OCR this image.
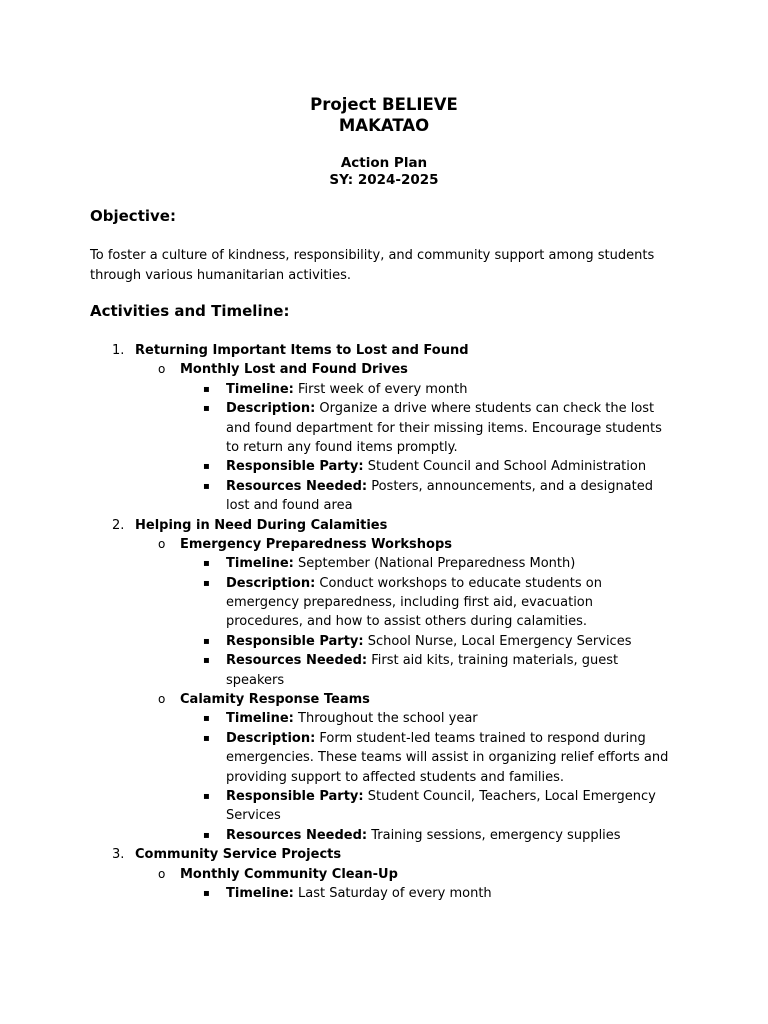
Project BELIEVE
MAKATAO
Action Plan
SY: 2024-2025
Objective:
To foster a culture of kindness, responsibility, and community support among students
through various humanitarian activities.
Activities and Timeline:
1. Returning Important Items to Lost and Found
o Monthly Lost and Found Drives
▪ Timeline: First week of every month
▪ Description: Organize a drive where students can check the lost
and found department for their missing items. Encourage students
to return any found items promptly.
▪ Responsible Party: Student Council and School Administration
▪ Resources Needed: Posters, announcements, and a designated
lost and found area
2. Helping in Need During Calamities
o Emergency Preparedness Workshops
▪ Timeline: September (National Preparedness Month)
▪ Description: Conduct workshops to educate students on
emergency preparedness, including first aid, evacuation
procedures, and how to assist others during calamities.
▪ Responsible Party: School Nurse, Local Emergency Services
▪ Resources Needed: First aid kits, training materials, guest
speakers
o Calamity Response Teams
▪ Timeline: Throughout the school year
▪ Description: Form student-led teams trained to respond during
emergencies. These teams will assist in organizing relief efforts and
providing support to affected students and families.
▪ Responsible Party: Student Council, Teachers, Local Emergency
Services
▪ Resources Needed: Training sessions, emergency supplies
3. Community Service Projects
o Monthly Community Clean-Up
▪ Timeline: Last Saturday of every month
